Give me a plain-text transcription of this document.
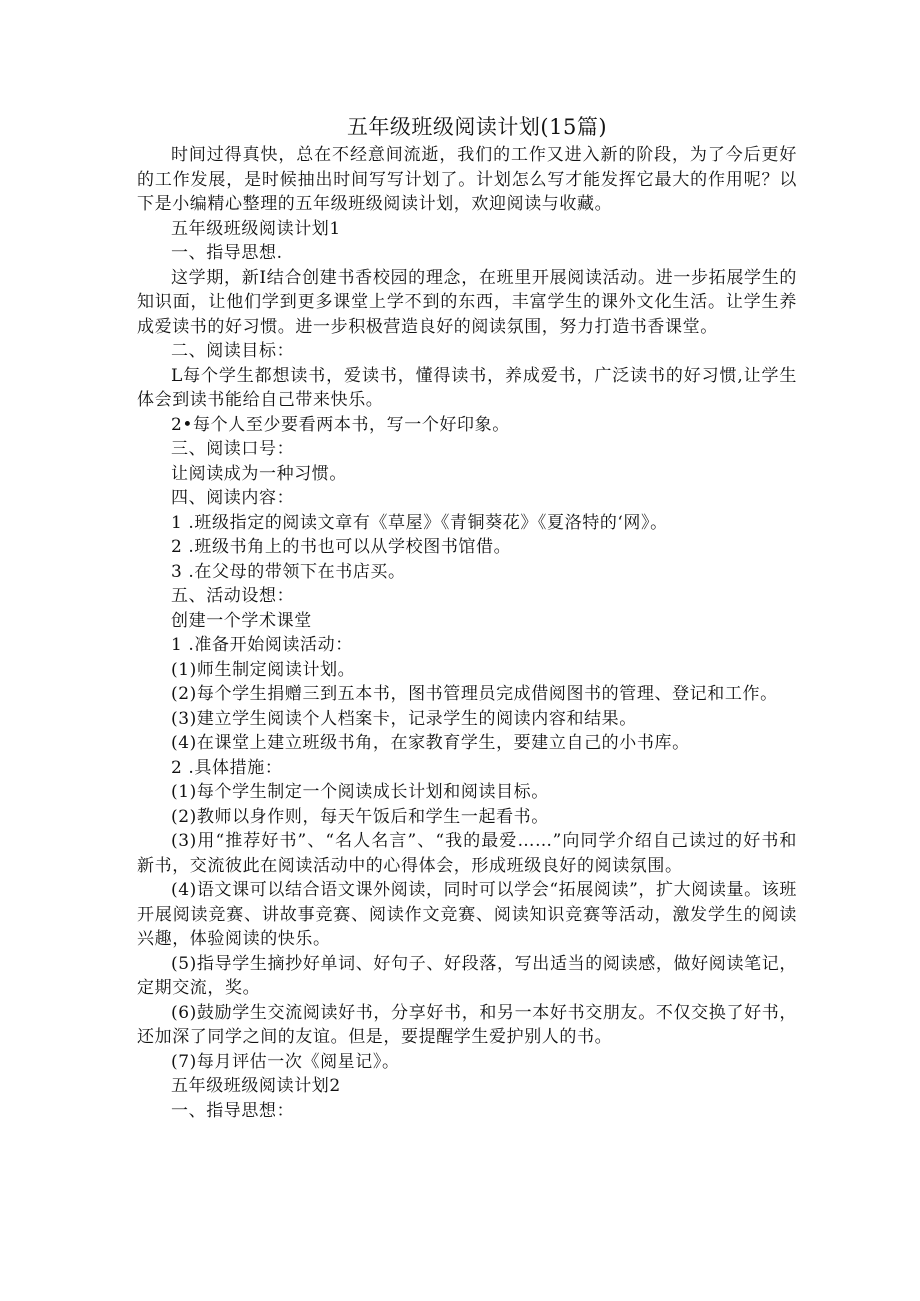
五年级班级阅读计划(15篇)

时间过得真快，总在不经意间流逝，我们的工作又进入新的阶段，为了今后更好的工作发展，是时候抽出时间写写计划了。计划怎么写才能发挥它最大的作用呢？以下是小编精心整理的五年级班级阅读计划，欢迎阅读与收藏。

五年级班级阅读计划1

一、指导思想.

这学期，新I结合创建书香校园的理念，在班里开展阅读活动。进一步拓展学生的知识面，让他们学到更多课堂上学不到的东西，丰富学生的课外文化生活。让学生养成爱读书的好习惯。进一步积极营造良好的阅读氛围，努力打造书香课堂。

二、阅读目标：

L每个学生都想读书，爱读书，懂得读书，养成爱书，广泛读书的好习惯,让学生体会到读书能给自己带来快乐。

2•每个人至少要看两本书，写一个好印象。

三、阅读口号：

让阅读成为一种习惯。

四、阅读内容：

1 .班级指定的阅读文章有《草屋》《青铜葵花》《夏洛特的‘网》。

2 .班级书角上的书也可以从学校图书馆借。

3 .在父母的带领下在书店买。

五、活动设想：

创建一个学术课堂

1 .准备开始阅读活动：

(1)师生制定阅读计划。

(2)每个学生捐赠三到五本书，图书管理员完成借阅图书的管理、登记和工作。

(3)建立学生阅读个人档案卡，记录学生的阅读内容和结果。

(4)在课堂上建立班级书角，在家教育学生，要建立自己的小书库。

2 .具体措施：

(1)每个学生制定一个阅读成长计划和阅读目标。

(2)教师以身作则，每天午饭后和学生一起看书。

(3)用“推荐好书”、“名人名言”、“我的最爱……”向同学介绍自己读过的好书和新书，交流彼此在阅读活动中的心得体会，形成班级良好的阅读氛围。

(4)语文课可以结合语文课外阅读，同时可以学会“拓展阅读”，扩大阅读量。该班开展阅读竞赛、讲故事竞赛、阅读作文竞赛、阅读知识竞赛等活动，激发学生的阅读兴趣，体验阅读的快乐。

(5)指导学生摘抄好单词、好句子、好段落，写出适当的阅读感，做好阅读笔记，定期交流，奖。

(6)鼓励学生交流阅读好书，分享好书，和另一本好书交朋友。不仅交换了好书，还加深了同学之间的友谊。但是，要提醒学生爱护别人的书。

(7)每月评估一次《阅星记》。

五年级班级阅读计划2

一、指导思想：
